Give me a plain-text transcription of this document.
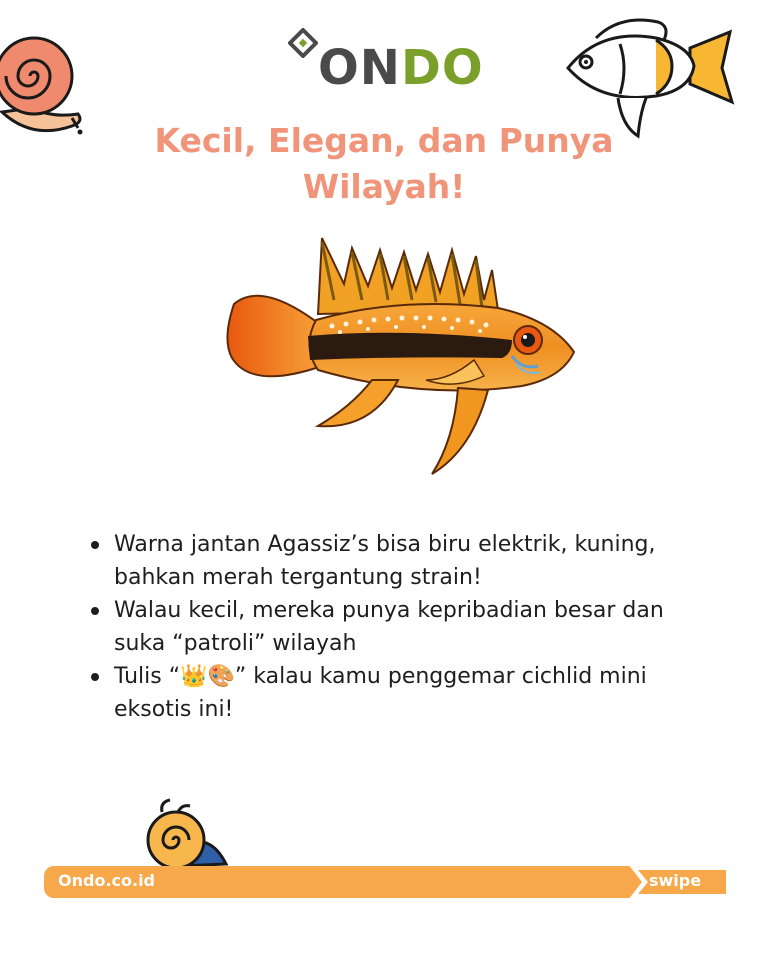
ONDO
Kecil, Elegan, dan Punya
Wilayah!
Warna jantan Agassiz’s bisa biru elektrik, kuning, bahkan merah tergantung strain!
Walau kecil, mereka punya kepribadian besar dan suka “patroli” wilayah
Tulis “👑🎨” kalau kamu penggemar cichlid mini eksotis ini!
Ondo.co.id	swipe
